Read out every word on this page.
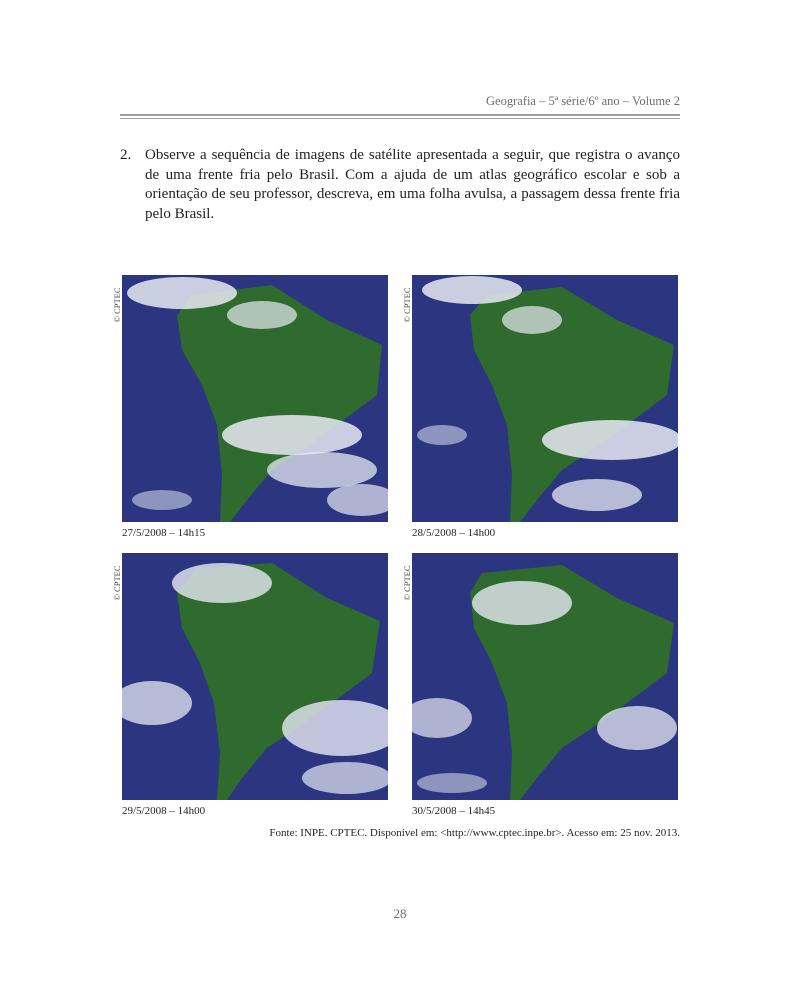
Geografia – 5ª série/6º ano – Volume 2
2. Observe a sequência de imagens de satélite apresentada a seguir, que registra o avanço de uma frente fria pelo Brasil. Com a ajuda de um atlas geográfico escolar e sob a orientação de seu professor, descreva, em uma folha avulsa, a passagem dessa frente fria pelo Brasil.
© CPTEC
27/5/2008 – 14h15
© CPTEC
28/5/2008 – 14h00
© CPTEC
29/5/2008 – 14h00
© CPTEC
30/5/2008 – 14h45
Fonte: INPE. CPTEC. Disponível em: <http://www.cptec.inpe.br>. Acesso em: 25 nov. 2013.
28
